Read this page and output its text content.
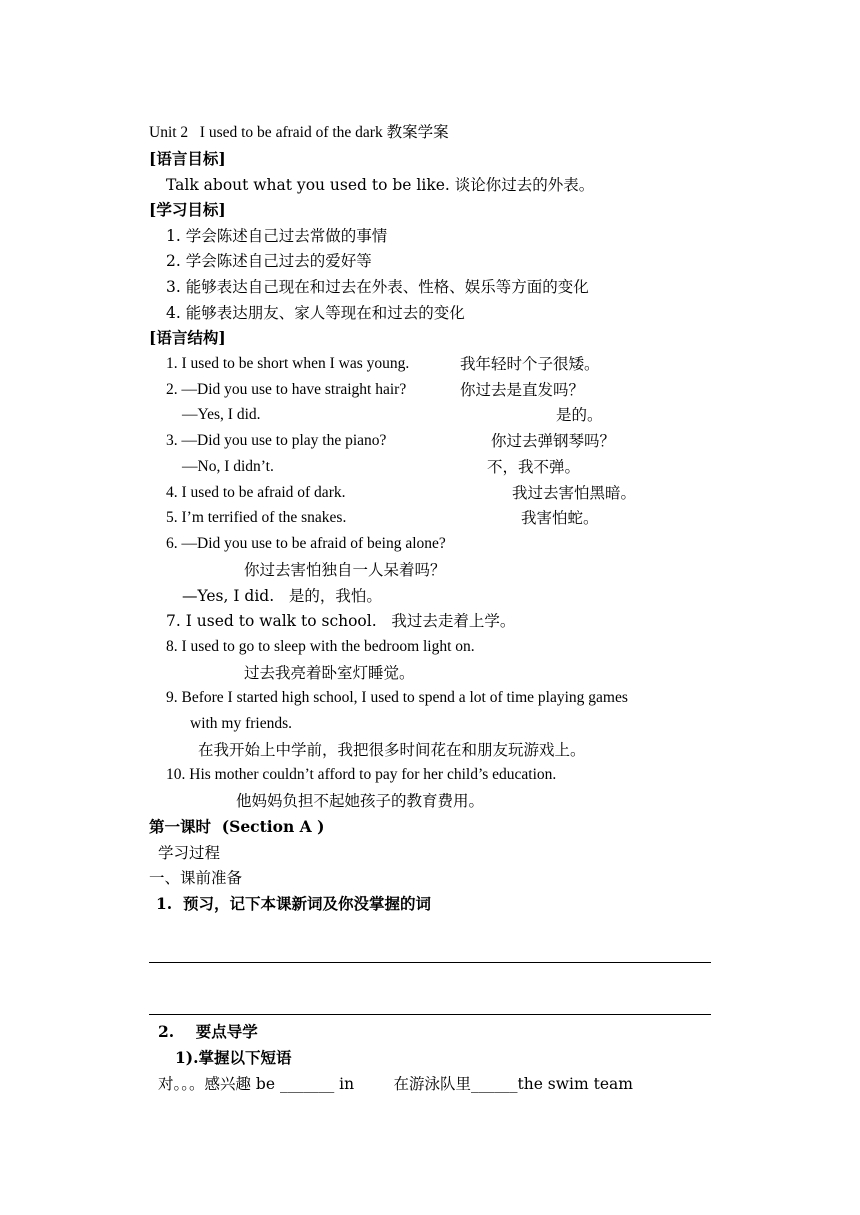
Unit 2   I used to be afraid of the dark 教案学案
[语言目标]
Talk about what you used to be like. 谈论你过去的外表。
[学习目标]
1. 学会陈述自己过去常做的事情
2. 学会陈述自己过去的爱好等
3. 能够表达自己现在和过去在外表、性格、娱乐等方面的变化
4. 能够表达朋友、家人等现在和过去的变化
[语言结构]
1. I used to be short when I was young.	我年轻时个子很矮。
2. —Did you use to have straight hair?	你过去是直发吗？
—Yes, I did.	是的。
3. —Did you use to play the piano?	你过去弹钢琴吗？
—No, I didn’t.	不，我不弹。
4. I used to be afraid of dark.	我过去害怕黑暗。
5. I’m terrified of the snakes.	我害怕蛇。
6. —Did you use to be afraid of being alone?
你过去害怕独自一人呆着吗？
—Yes, I did.   是的，我怕。
7. I used to walk to school.   我过去走着上学。
8. I used to go to sleep with the bedroom light on.
过去我亮着卧室灯睡觉。
9. Before I started high school, I used to spend a lot of time playing games
with my friends.
在我开始上中学前，我把很多时间花在和朋友玩游戏上。
10. His mother couldn’t afford to pay for her child’s education.
他妈妈负担不起她孩子的教育费用。
第一课时  (Section A )
学习过程
一、课前准备
1.  预习，记下本课新词及你没掌握的词
2.    要点导学
1).掌握以下短语
对。。。感兴趣 be _______ in        在游泳队里______the swim team
